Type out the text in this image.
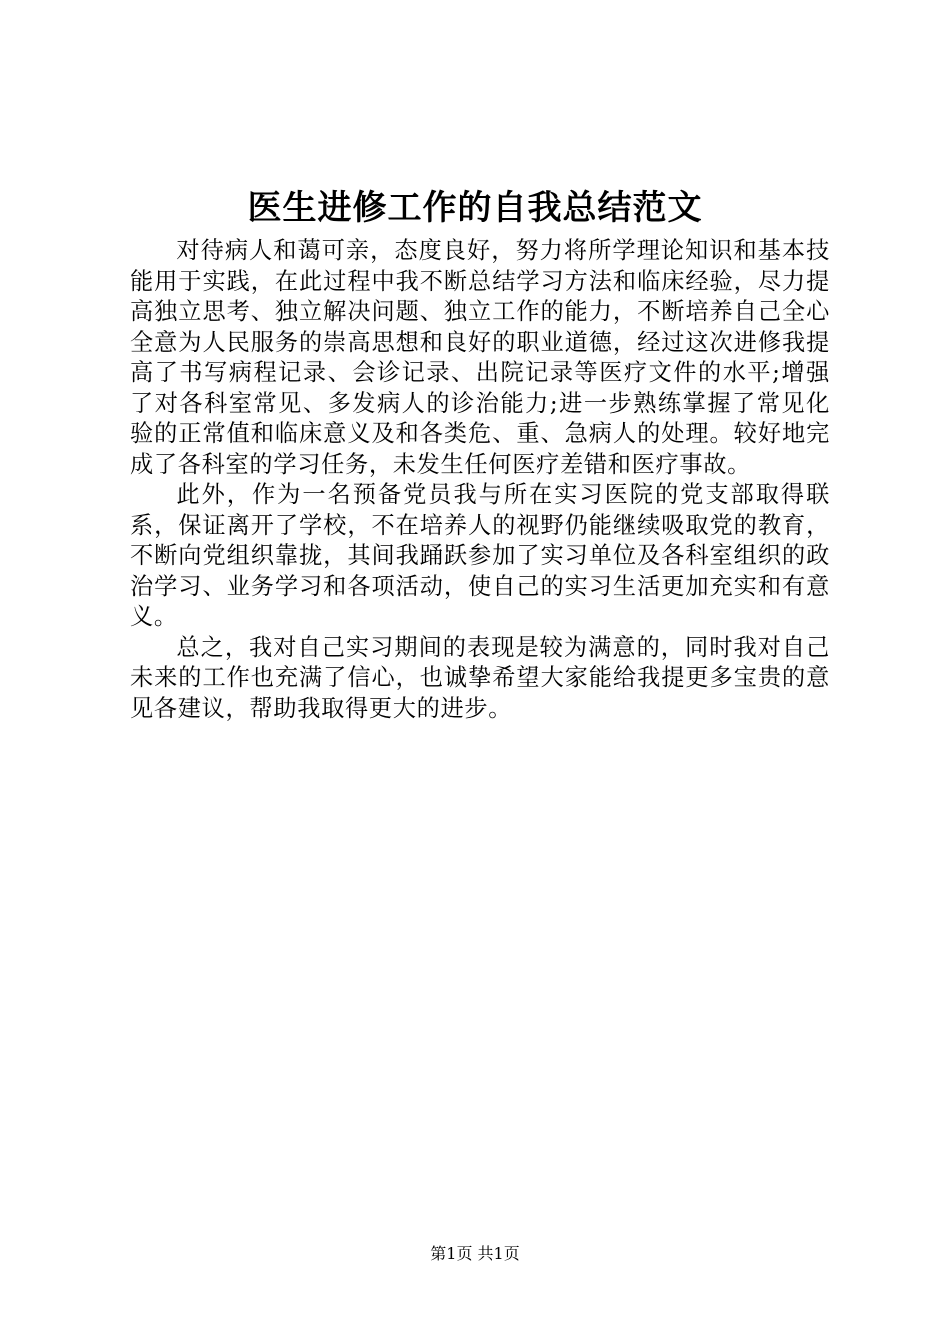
医生进修工作的自我总结范文

对待病人和蔼可亲，态度良好，努力将所学理论知识和基本技能用于实践，在此过程中我不断总结学习方法和临床经验，尽力提高独立思考、独立解决问题、独立工作的能力，不断培养自己全心全意为人民服务的崇高思想和良好的职业道德，经过这次进修我提高了书写病程记录、会诊记录、出院记录等医疗文件的水平;增强了对各科室常见、多发病人的诊治能力;进一步熟练掌握了常见化验的正常值和临床意义及和各类危、重、急病人的处理。较好地完成了各科室的学习任务，未发生任何医疗差错和医疗事故。

此外，作为一名预备党员我与所在实习医院的党支部取得联系，保证离开了学校，不在培养人的视野仍能继续吸取党的教育，不断向党组织靠拢，其间我踊跃参加了实习单位及各科室组织的政治学习、业务学习和各项活动，使自己的实习生活更加充实和有意义。

总之，我对自己实习期间的表现是较为满意的，同时我对自己未来的工作也充满了信心，也诚挚希望大家能给我提更多宝贵的意见各建议，帮助我取得更大的进步。

第1页 共1页
